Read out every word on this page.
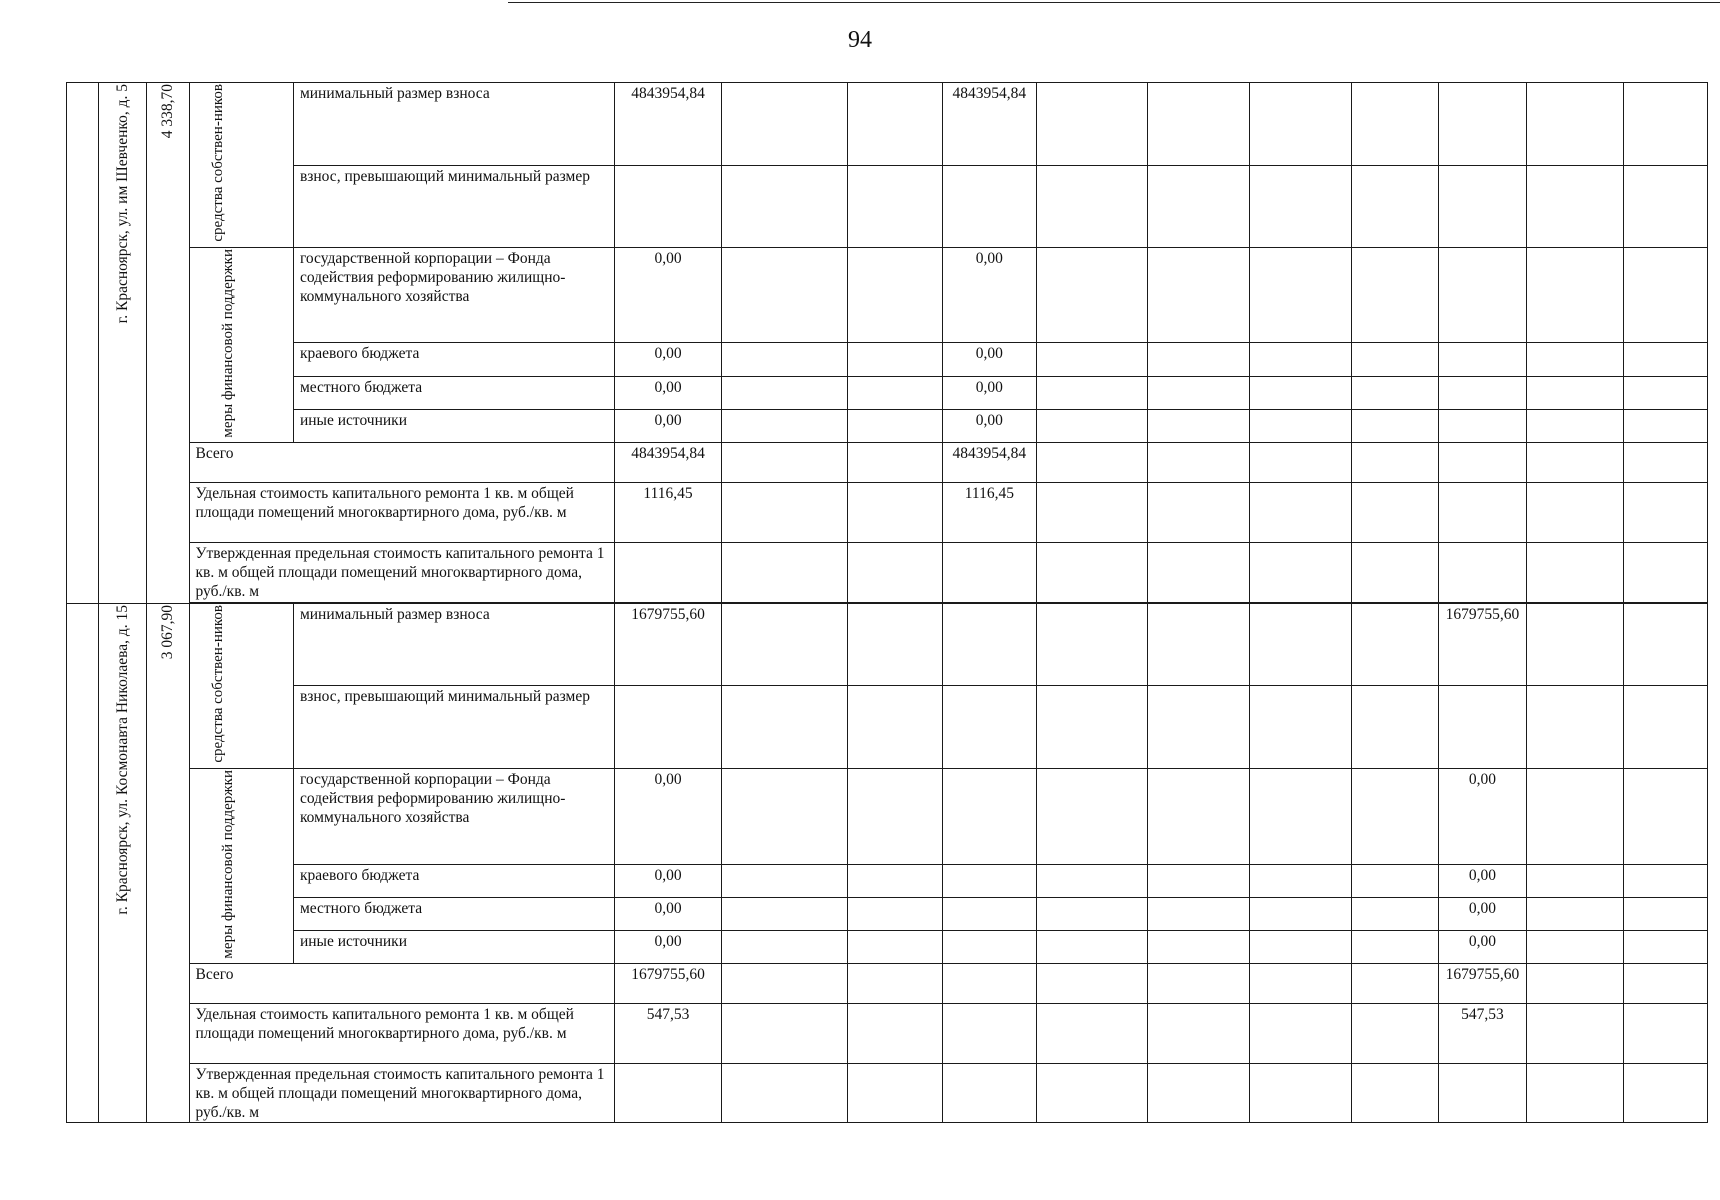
94
	г. Красноярск, ул. им Шевченко, д. 5	4 338,70	средства собствен-ников	минимальный размер взноса	4843954,84			4843954,84							
				взнос, превышающий минимальный размер											
			меры финансовой поддержки	государственной корпорации – Фонда содействия реформированию жилищно-коммунального хозяйства	0,00			0,00							
				краевого бюджета	0,00			0,00							
				местного бюджета	0,00			0,00							
				иные источники	0,00			0,00							
			Всего		4843954,84			4843954,84							
			Удельная стоимость капитального ремонта 1 кв. м общей площади помещений многоквартирного дома, руб./кв. м		1116,45			1116,45							
			Утвержденная предельная стоимость капитального ремонта 1 кв. м общей площади помещений многоквартирного дома, руб./кв. м												

	г. Красноярск, ул. Космонавта Николаева, д. 15	3 067,90	средства собствен-ников	минимальный размер взноса	1679755,60								1679755,60		
				взнос, превышающий минимальный размер											
			меры финансовой поддержки	государственной корпорации – Фонда содействия реформированию жилищно-коммунального хозяйства	0,00								0,00		
				краевого бюджета	0,00								0,00		
				местного бюджета	0,00								0,00		
				иные источники	0,00								0,00		
			Всего		1679755,60								1679755,60		
			Удельная стоимость капитального ремонта 1 кв. м общей площади помещений многоквартирного дома, руб./кв. м		547,53								547,53		
			Утвержденная предельная стоимость капитального ремонта 1 кв. м общей площади помещений многоквартирного дома, руб./кв. м												
